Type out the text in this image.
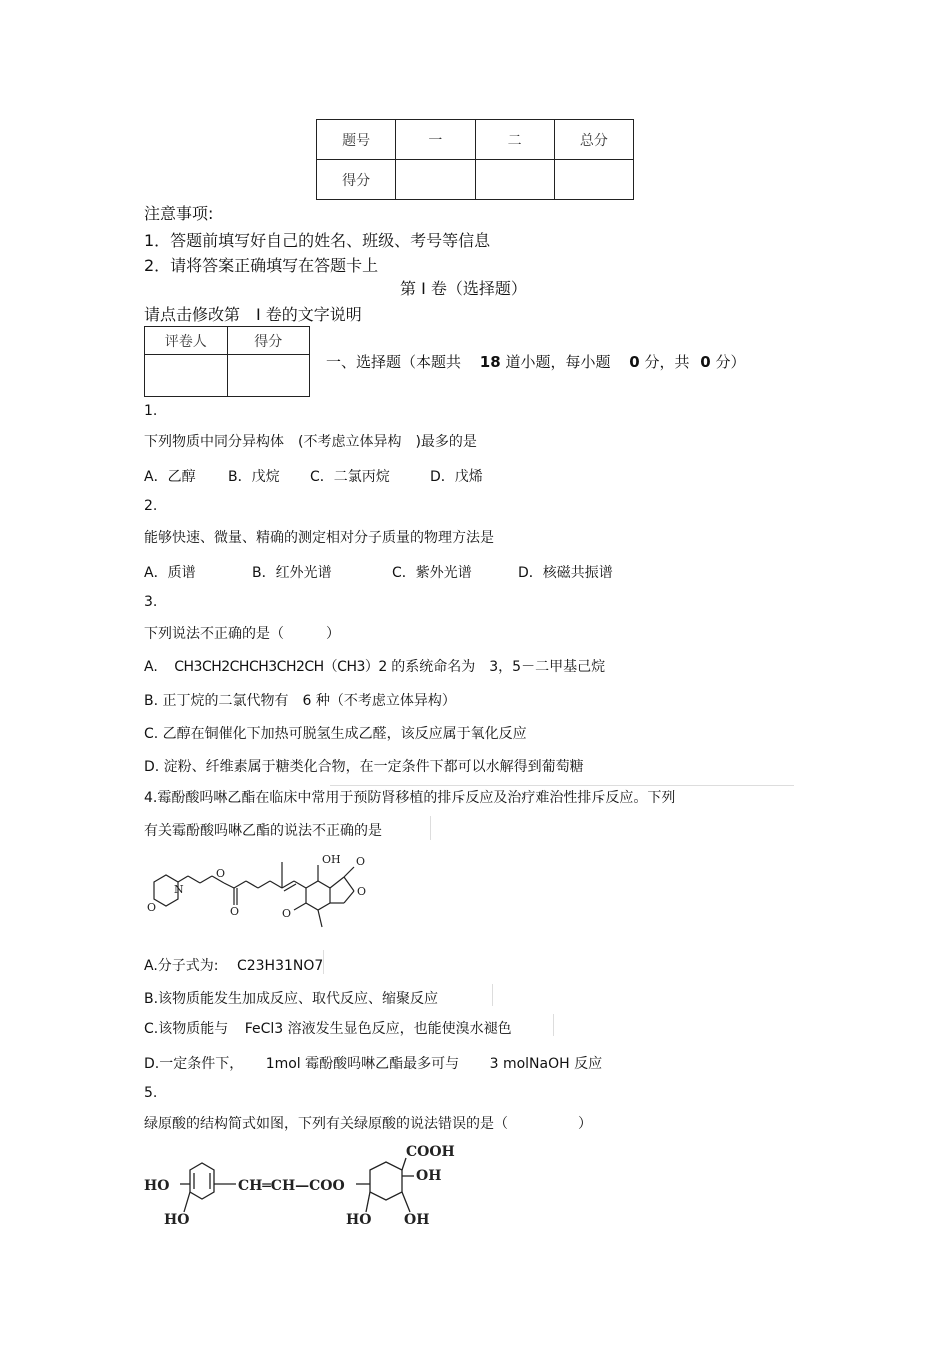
题号	一	二	总分
得分			
注意事项:
1．答题前填写好自己的姓名、班级、考号等信息
2．请将答案正确填写在答题卡上
第 I 卷（选择题）
请点击修改第　I 卷的文字说明
评卷人	得分

一、选择题（本题共 18 道小题，每小题 0 分，共 0 分）
1.
下列物质中同分异构体　(不考虑立体异构　)最多的是
A．乙醇 B．戊烷 C．二氯丙烷	D．戊烯
2.
能够快速、微量、精确的测定相对分子质量的物理方法是
A．质谱	B．红外光谱	C．紫外光谱	D．核磁共振谱
3.
下列说法不正确的是（　　　）
A. CH3CH2CHCH3CH2CH（CH3）2 的系统命名为　3，5－二甲基己烷
B. 正丁烷的二氯代物有　6 种（不考虑立体异构）
C. 乙醇在铜催化下加热可脱氢生成乙醛，该反应属于氧化反应
D. 淀粉、纤维素属于糖类化合物，在一定条件下都可以水解得到葡萄糖
4.霉酚酸吗啉乙酯在临床中常用于预防肾移植的排斥反应及治疗难治性排斥反应。下列
有关霉酚酸吗啉乙酯的说法不正确的是
N
O
O
O
OH O
O
O
A.分子式为:　 C23H31NO7
B.该物质能发生加成反应、取代反应、缩聚反应
C.该物质能与 FeCl3 溶液发生显色反应，也能使溴水褪色
D.一定条件下， 1mol 霉酚酸吗啉乙酯最多可与 3 molNaOH 反应
5.
绿原酸的结构简式如图，下列有关绿原酸的说法错误的是（　　　　　）
HO
HO
CH═CH—COO
COOH
OH
HO OH
